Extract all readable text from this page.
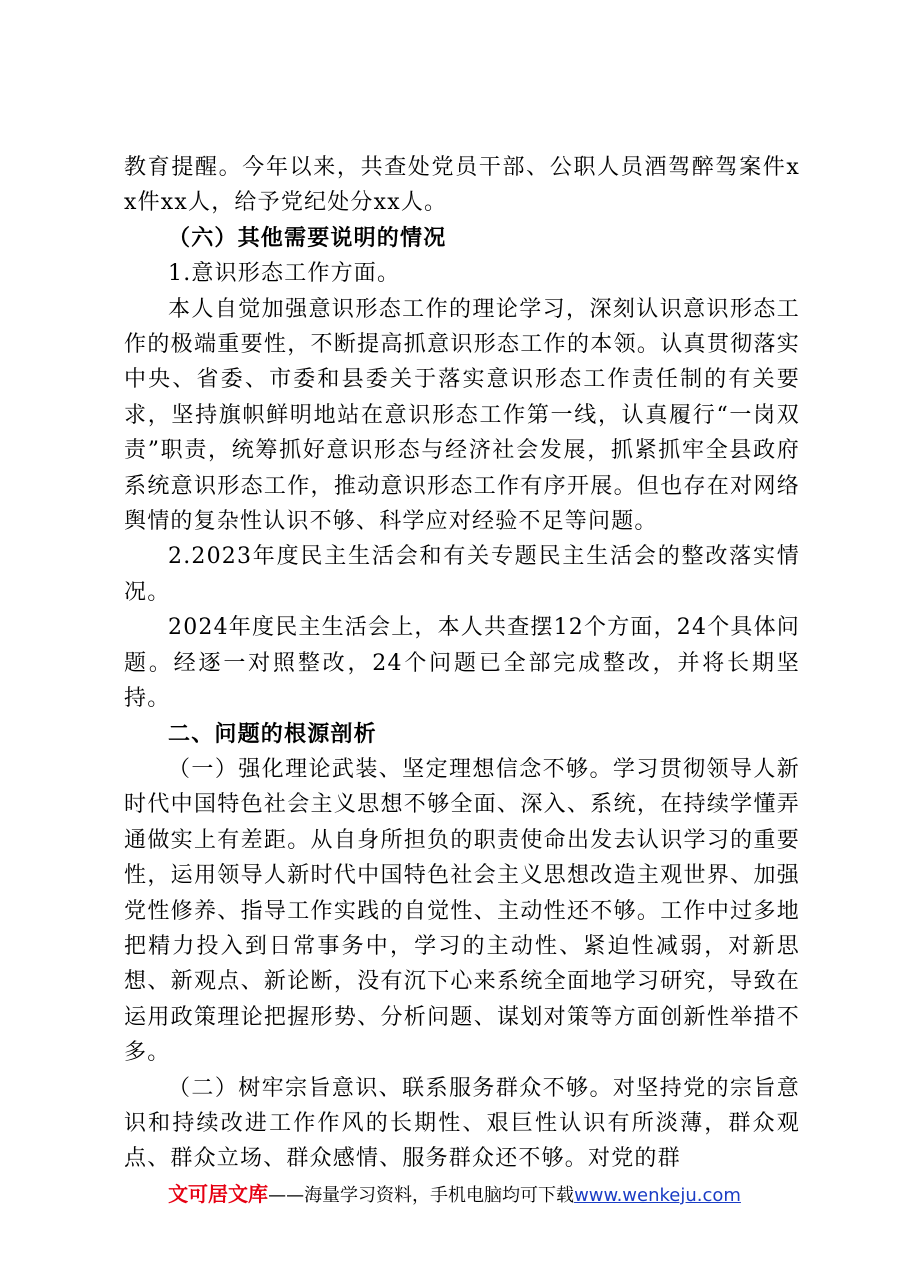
教育提醒。今年以来，共查处党员干部、公职人员酒驾醉驾案件xx件xx人，给予党纪处分xx人。

（六）其他需要说明的情况

1.意识形态工作方面。

本人自觉加强意识形态工作的理论学习，深刻认识意识形态工作的极端重要性，不断提高抓意识形态工作的本领。认真贯彻落实中央、省委、市委和县委关于落实意识形态工作责任制的有关要求，坚持旗帜鲜明地站在意识形态工作第一线，认真履行“一岗双责”职责，统筹抓好意识形态与经济社会发展，抓紧抓牢全县政府系统意识形态工作，推动意识形态工作有序开展。但也存在对网络舆情的复杂性认识不够、科学应对经验不足等问题。

2.2023年度民主生活会和有关专题民主生活会的整改落实情况。

2024年度民主生活会上，本人共查摆12个方面，24个具体问题。经逐一对照整改，24个问题已全部完成整改，并将长期坚持。

二、问题的根源剖析

（一）强化理论武装、坚定理想信念不够。学习贯彻领导人新时代中国特色社会主义思想不够全面、深入、系统，在持续学懂弄通做实上有差距。从自身所担负的职责使命出发去认识学习的重要性，运用领导人新时代中国特色社会主义思想改造主观世界、加强党性修养、指导工作实践的自觉性、主动性还不够。工作中过多地把精力投入到日常事务中，学习的主动性、紧迫性减弱，对新思想、新观点、新论断，没有沉下心来系统全面地学习研究，导致在运用政策理论把握形势、分析问题、谋划对策等方面创新性举措不多。

（二）树牢宗旨意识、联系服务群众不够。对坚持党的宗旨意识和持续改进工作作风的长期性、艰巨性认识有所淡薄，群众观点、群众立场、群众感情、服务群众还不够。对党的群

文可居文库——海量学习资料，手机电脑均可下载www.wenkeju.com
